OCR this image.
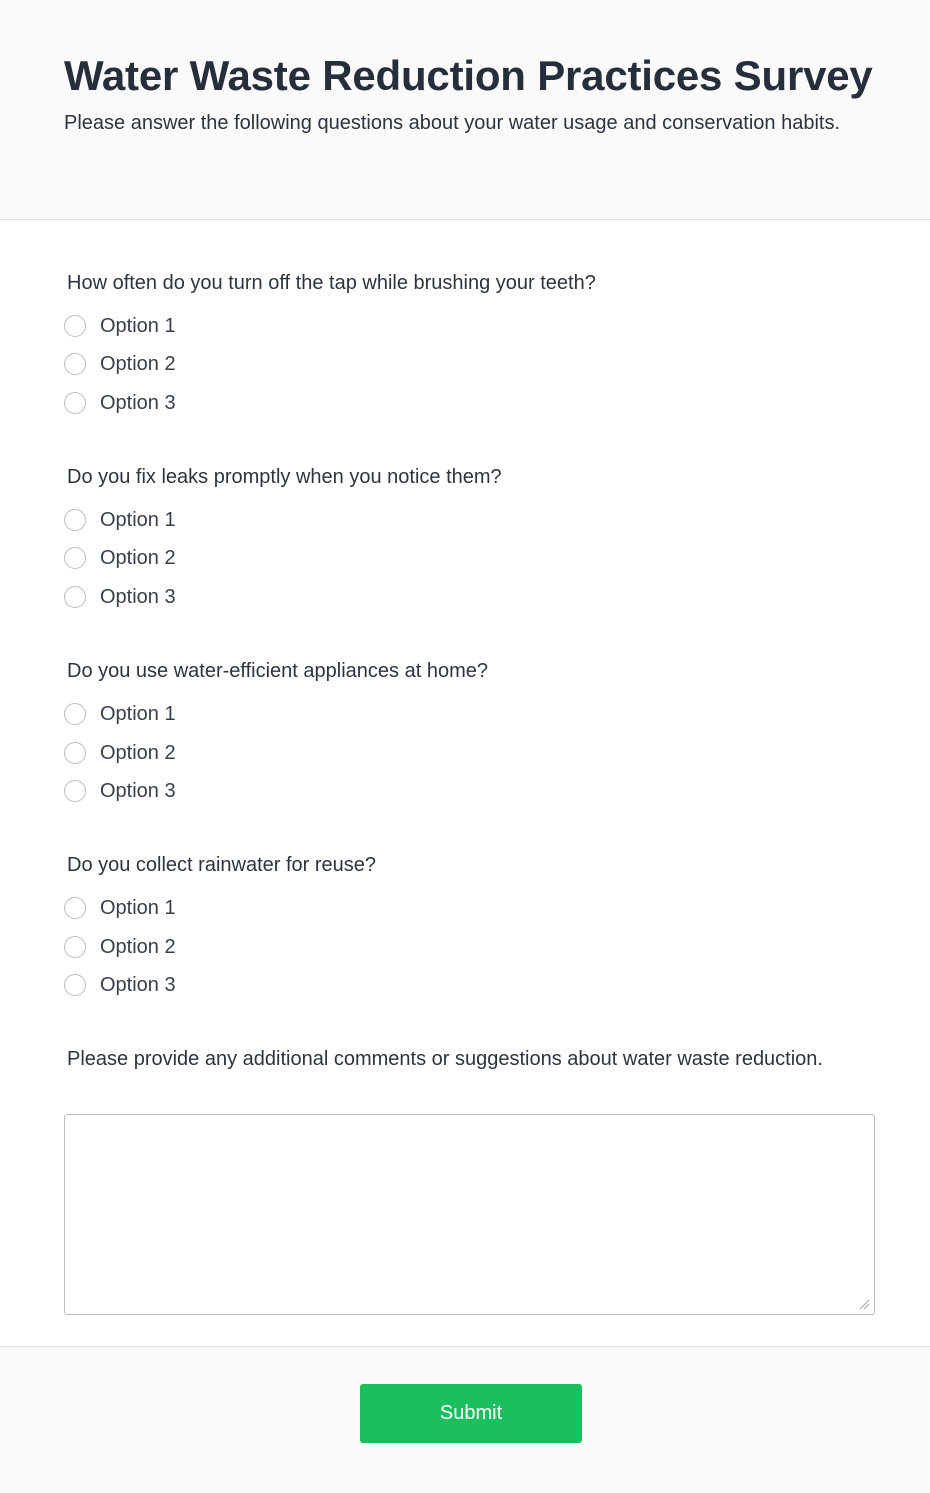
Water Waste Reduction Practices Survey

Please answer the following questions about your water usage and conservation habits.

How often do you turn off the tap while brushing your teeth?

Option 1
Option 2
Option 3

Do you fix leaks promptly when you notice them?

Option 1
Option 2
Option 3

Do you use water-efficient appliances at home?

Option 1
Option 2
Option 3

Do you collect rainwater for reuse?

Option 1
Option 2
Option 3

Please provide any additional comments or suggestions about water waste reduction.

Submit
